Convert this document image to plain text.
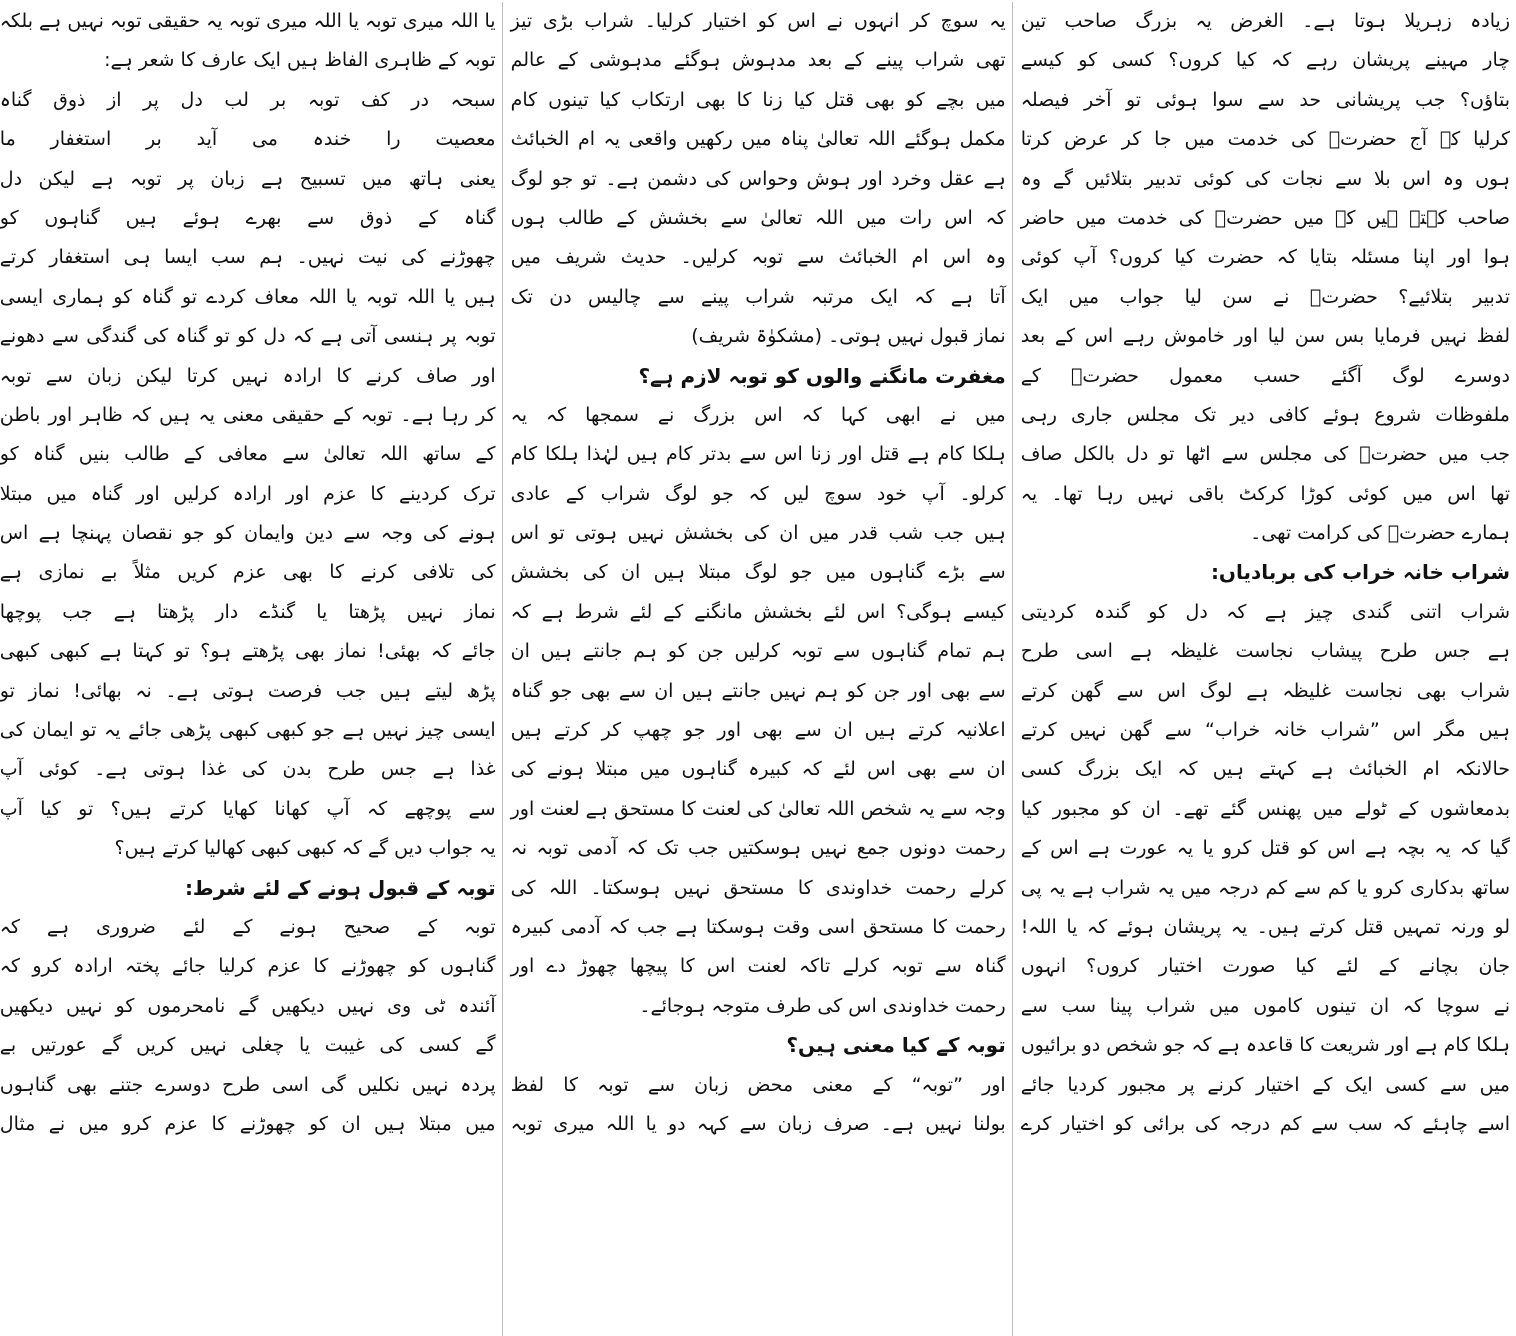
زیادہ زہریلا ہوتا ہے۔ الغرض یہ بزرگ صاحب تین
چار مہینے پریشان رہے کہ کیا کروں؟ کسی کو کیسے
بتاؤں؟ جب پریشانی حد سے سوا ہوئی تو آخر فیصلہ
کرلیا کہ آج حضرتؒ کی خدمت میں جا کر عرض کرتا
ہوں وہ اس بلا سے نجات کی کوئی تدبیر بتلائیں گے وہ
صاحب کہتے ہیں کہ میں حضرتؒ کی خدمت میں حاضر
ہوا اور اپنا مسئلہ بتایا کہ حضرت کیا کروں؟ آپ کوئی
تدبیر بتلائیے؟ حضرتؒ نے سن لیا جواب میں ایک
لفظ نہیں فرمایا بس سن لیا اور خاموش رہے اس کے بعد
دوسرے لوگ آگئے حسب معمول حضرتؒ کے
ملفوظات شروع ہوئے کافی دیر تک مجلس جاری رہی
جب میں حضرتؒ کی مجلس سے اٹھا تو دل بالکل صاف
تھا اس میں کوئی کوڑا کرکٹ باقی نہیں رہا تھا۔ یہ
ہمارے حضرتؒ کی کرامت تھی۔
شراب خانہ خراب کی بربادیاں:
شراب اتنی گندی چیز ہے کہ دل کو گندہ کردیتی
ہے جس طرح پیشاب نجاست غلیظہ ہے اسی طرح
شراب بھی نجاست غلیظہ ہے لوگ اس سے گھن کرتے
ہیں مگر اس ”شراب خانہ خراب“ سے گھن نہیں کرتے
حالانکہ ام الخبائث ہے کہتے ہیں کہ ایک بزرگ کسی
بدمعاشوں کے ٹولے میں پھنس گئے تھے۔ ان کو مجبور کیا
گیا کہ یہ بچہ ہے اس کو قتل کرو یا یہ عورت ہے اس کے
ساتھ بدکاری کرو یا کم سے کم درجہ میں یہ شراب ہے یہ پی
لو ورنہ تمہیں قتل کرتے ہیں۔ یہ پریشان ہوئے کہ یا اللہ!
جان بچانے کے لئے کیا صورت اختیار کروں؟ انہوں
نے سوچا کہ ان تینوں کاموں میں شراب پینا سب سے
ہلکا کام ہے اور شریعت کا قاعدہ ہے کہ جو شخص دو برائیوں
میں سے کسی ایک کے اختیار کرنے پر مجبور کردیا جائے
اسے چاہئے کہ سب سے کم درجہ کی برائی کو اختیار کرے
یہ سوچ کر انہوں نے اس کو اختیار کرلیا۔ شراب بڑی تیز
تھی شراب پینے کے بعد مدہوش ہوگئے مدہوشی کے عالم
میں بچے کو بھی قتل کیا زنا کا بھی ارتکاب کیا تینوں کام
مکمل ہوگئے اللہ تعالیٰ پناہ میں رکھیں واقعی یہ ام الخبائث
ہے عقل وخرد اور ہوش وحواس کی دشمن ہے۔ تو جو لوگ
کہ اس رات میں اللہ تعالیٰ سے بخشش کے طالب ہوں
وہ اس ام الخبائث سے توبہ کرلیں۔ حدیث شریف میں
آتا ہے کہ ایک مرتبہ شراب پینے سے چالیس دن تک
نماز قبول نہیں ہوتی۔ (مشکوٰۃ شریف)
مغفرت مانگنے والوں کو توبہ لازم ہے؟
میں نے ابھی کہا کہ اس بزرگ نے سمجھا کہ یہ
ہلکا کام ہے قتل اور زنا اس سے بدتر کام ہیں لہٰذا ہلکا کام
کرلو۔ آپ خود سوچ لیں کہ جو لوگ شراب کے عادی
ہیں جب شب قدر میں ان کی بخشش نہیں ہوتی تو اس
سے بڑے گناہوں میں جو لوگ مبتلا ہیں ان کی بخشش
کیسے ہوگی؟ اس لئے بخشش مانگنے کے لئے شرط ہے کہ
ہم تمام گناہوں سے توبہ کرلیں جن کو ہم جانتے ہیں ان
سے بھی اور جن کو ہم نہیں جانتے ہیں ان سے بھی جو گناہ
اعلانیہ کرتے ہیں ان سے بھی اور جو چھپ کر کرتے ہیں
ان سے بھی اس لئے کہ کبیرہ گناہوں میں مبتلا ہونے کی
وجہ سے یہ شخص اللہ تعالیٰ کی لعنت کا مستحق ہے لعنت اور
رحمت دونوں جمع نہیں ہوسکتیں جب تک کہ آدمی توبہ نہ
کرلے رحمت خداوندی کا مستحق نہیں ہوسکتا۔ اللہ کی
رحمت کا مستحق اسی وقت ہوسکتا ہے جب کہ آدمی کبیرہ
گناہ سے توبہ کرلے تاکہ لعنت اس کا پیچھا چھوڑ دے اور
رحمت خداوندی اس کی طرف متوجہ ہوجائے۔
توبہ کے کیا معنی ہیں؟
اور ”توبہ“ کے معنی محض زبان سے توبہ کا لفظ
بولنا نہیں ہے۔ صرف زبان سے کہہ دو یا اللہ میری توبہ
یا اللہ میری توبہ یا اللہ میری توبہ یہ حقیقی توبہ نہیں ہے بلکہ
توبہ کے ظاہری الفاظ ہیں ایک عارف کا شعر ہے:
سبحہ در کف توبہ بر لب دل پر از ذوق گناہ
معصیت را خندہ می آید بر استغفار ما
یعنی ہاتھ میں تسبیح ہے زبان پر توبہ ہے لیکن دل
گناہ کے ذوق سے بھرے ہوئے ہیں گناہوں کو
چھوڑنے کی نیت نہیں۔ ہم سب ایسا ہی استغفار کرتے
ہیں یا اللہ توبہ یا اللہ معاف کردے تو گناہ کو ہماری ایسی
توبہ پر ہنسی آتی ہے کہ دل کو تو گناہ کی گندگی سے دھونے
اور صاف کرنے کا ارادہ نہیں کرتا لیکن زبان سے توبہ
کر رہا ہے۔ توبہ کے حقیقی معنی یہ ہیں کہ ظاہر اور باطن
کے ساتھ اللہ تعالیٰ سے معافی کے طالب بنیں گناہ کو
ترک کردینے کا عزم اور ارادہ کرلیں اور گناہ میں مبتلا
ہونے کی وجہ سے دین وایمان کو جو نقصان پہنچا ہے اس
کی تلافی کرنے کا بھی عزم کریں مثلاً بے نمازی ہے
نماز نہیں پڑھتا یا گنڈے دار پڑھتا ہے جب پوچھا
جائے کہ بھئی! نماز بھی پڑھتے ہو؟ تو کہتا ہے کبھی کبھی
پڑھ لیتے ہیں جب فرصت ہوتی ہے۔ نہ بھائی! نماز تو
ایسی چیز نہیں ہے جو کبھی کبھی پڑھی جائے یہ تو ایمان کی
غذا ہے جس طرح بدن کی غذا ہوتی ہے۔ کوئی آپ
سے پوچھے کہ آپ کھانا کھایا کرتے ہیں؟ تو کیا آپ
یہ جواب دیں گے کہ کبھی کبھی کھالیا کرتے ہیں؟
توبہ کے قبول ہونے کے لئے شرط:
توبہ کے صحیح ہونے کے لئے ضروری ہے کہ
گناہوں کو چھوڑنے کا عزم کرلیا جائے پختہ ارادہ کرو کہ
آئندہ ٹی وی نہیں دیکھیں گے نامحرموں کو نہیں دیکھیں
گے کسی کی غیبت یا چغلی نہیں کریں گے عورتیں بے
پردہ نہیں نکلیں گی اسی طرح دوسرے جتنے بھی گناہوں
میں مبتلا ہیں ان کو چھوڑنے کا عزم کرو میں نے مثال
